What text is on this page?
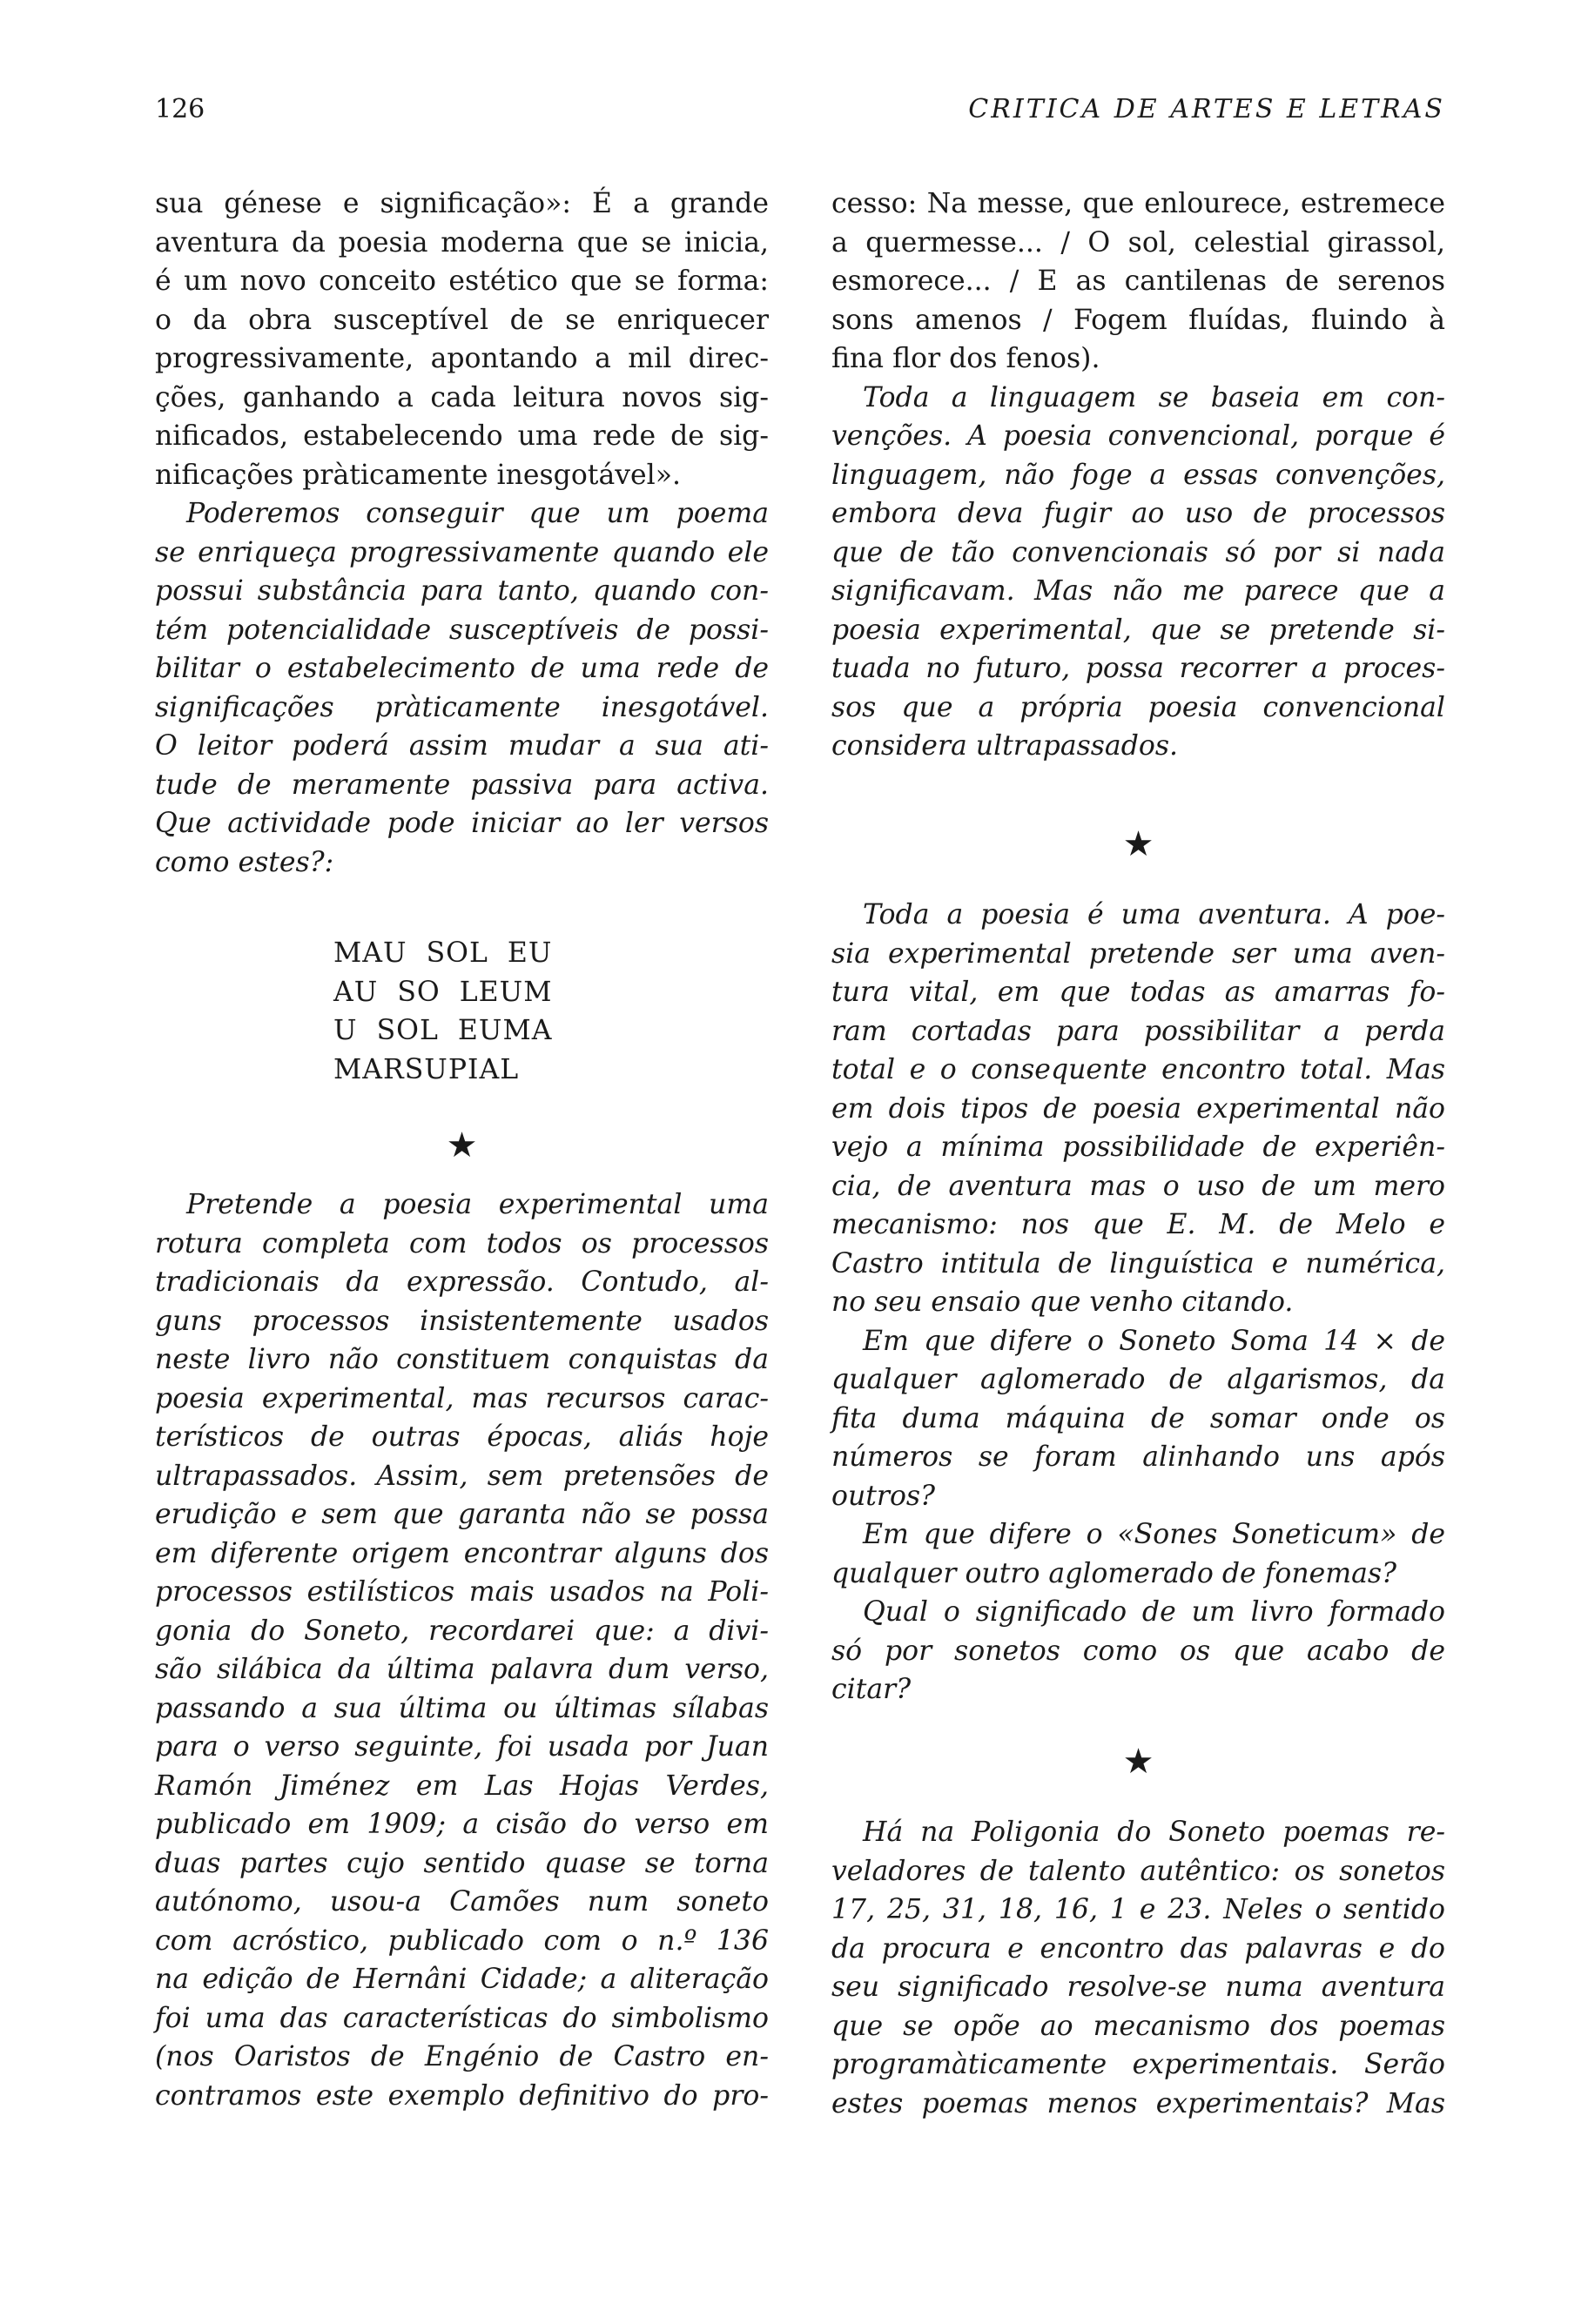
126	CRITICA DE ARTES E LETRAS
sua génese e significação»: É a grande
aventura da poesia moderna que se inicia,
é um novo conceito estético que se forma:
o da obra susceptível de se enriquecer
progressivamente, apontando a mil direc-
ções, ganhando a cada leitura novos sig-
nificados, estabelecendo uma rede de sig-
nificações pràticamente inesgotável».
Poderemos conseguir que um poema
se enriqueça progressivamente quando ele
possui substância para tanto, quando con-
tém potencialidade susceptíveis de possi-
bilitar o estabelecimento de uma rede de
significações pràticamente inesgotável.
O leitor poderá assim mudar a sua ati-
tude de meramente passiva para activa.
Que actividade pode iniciar ao ler versos
como estes?:
MAU  SOL  EU
AU  SO  LEUM
U  SOL  EUMA
MARSUPIAL
★
Pretende a poesia experimental uma
rotura completa com todos os processos
tradicionais da expressão. Contudo, al-
guns processos insistentemente usados
neste livro não constituem conquistas da
poesia experimental, mas recursos carac-
terísticos de outras épocas, aliás hoje
ultrapassados. Assim, sem pretensões de
erudição e sem que garanta não se possa
em diferente origem encontrar alguns dos
processos estilísticos mais usados na Poli-
gonia do Soneto, recordarei que: a divi-
são silábica da última palavra dum verso,
passando a sua última ou últimas sílabas
para o verso seguinte, foi usada por Juan
Ramón Jiménez em Las Hojas Verdes,
publicado em 1909; a cisão do verso em
duas partes cujo sentido quase se torna
autónomo, usou-a Camões num soneto
com acróstico, publicado com o n.º 136
na edição de Hernâni Cidade; a aliteração
foi uma das características do simbolismo
(nos Oaristos de Engénio de Castro en-
contramos este exemplo definitivo do pro-
cesso: Na messe, que enlourece, estremece
a quermesse... / O sol, celestial girassol,
esmorece... / E as cantilenas de serenos
sons amenos / Fogem fluídas, fluindo à
fina flor dos fenos).
Toda a linguagem se baseia em con-
venções. A poesia convencional, porque é
linguagem, não foge a essas convenções,
embora deva fugir ao uso de processos
que de tão convencionais só por si nada
significavam. Mas não me parece que a
poesia experimental, que se pretende si-
tuada no futuro, possa recorrer a proces-
sos que a própria poesia convencional
considera ultrapassados.
★
Toda a poesia é uma aventura. A poe-
sia experimental pretende ser uma aven-
tura vital, em que todas as amarras fo-
ram cortadas para possibilitar a perda
total e o consequente encontro total. Mas
em dois tipos de poesia experimental não
vejo a mínima possibilidade de experiên-
cia, de aventura mas o uso de um mero
mecanismo: nos que E. M. de Melo e
Castro intitula de linguística e numérica,
no seu ensaio que venho citando.
Em que difere o Soneto Soma 14 × de
qualquer aglomerado de algarismos, da
fita duma máquina de somar onde os
números se foram alinhando uns após
outros?
Em que difere o «Sones Soneticum» de
qualquer outro aglomerado de fonemas?
Qual o significado de um livro formado
só por sonetos como os que acabo de
citar?
★
Há na Poligonia do Soneto poemas re-
veladores de talento autêntico: os sonetos
17, 25, 31, 18, 16, 1 e 23. Neles o sentido
da procura e encontro das palavras e do
seu significado resolve-se numa aventura
que se opõe ao mecanismo dos poemas
programàticamente experimentais. Serão
estes poemas menos experimentais? Mas
